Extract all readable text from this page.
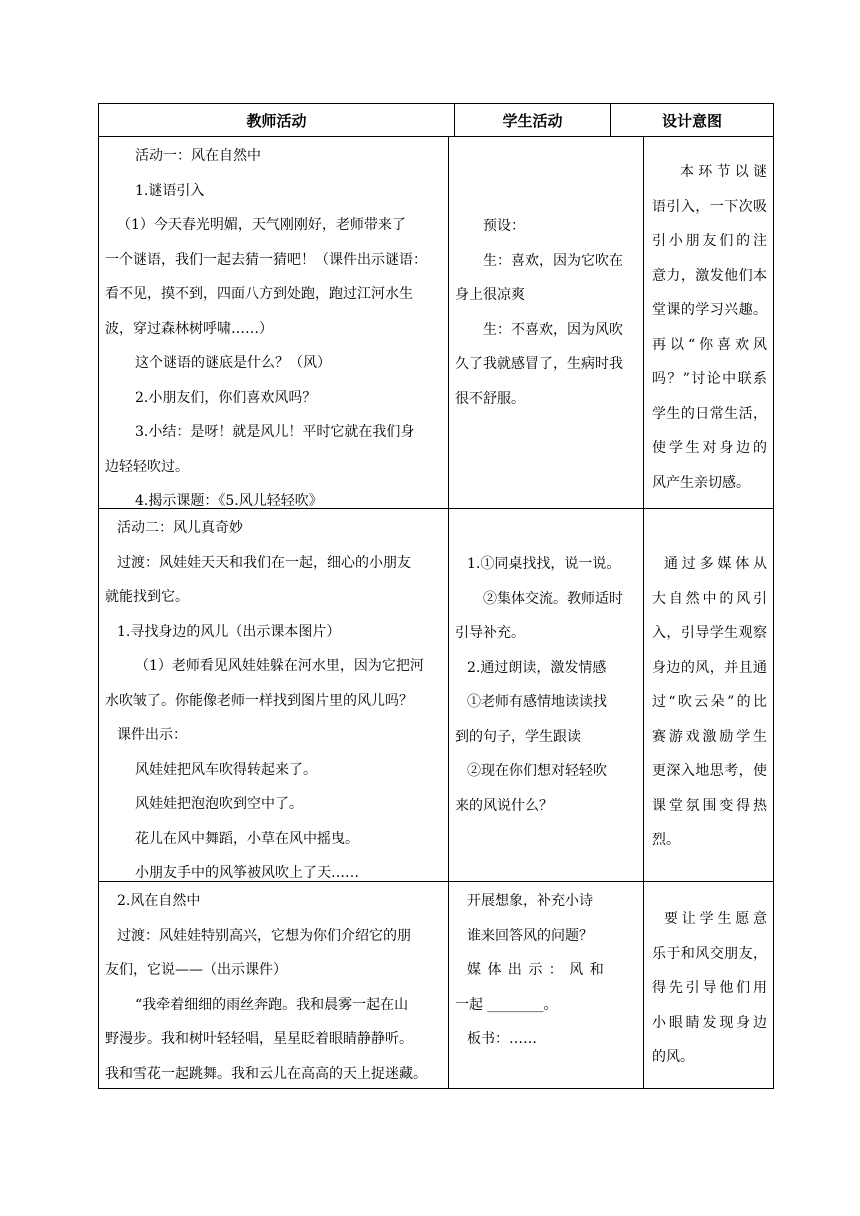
教师活动	学生活动	设计意图

活动一：风在自然中

1.谜语引入

（1）今天春光明媚，天气刚刚好，老师带来了

一个谜语，我们一起去猜一猜吧！（课件出示谜语：

看不见，摸不到，四面八方到处跑，跑过江河水生

波，穿过森林树呼啸……）

这个谜语的谜底是什么？（风）

2.小朋友们，你们喜欢风吗？

3.小结：是呀！就是风儿！平时它就在我们身

边轻轻吹过。

4.揭示课题：《5.风儿轻轻吹》

预设：

生：喜欢，因为它吹在

身上很凉爽

生：不喜欢，因为风吹

久了我就感冒了，生病时我

很不舒服。

本环节以谜

语引入，一下次吸

引小朋友们的注

意力，激发他们本

堂课的学习兴趣。

再以“你喜欢风

吗？”讨论中联系

学生的日常生活，

使学生对身边的

风产生亲切感。

活动二：风儿真奇妙

过渡：风娃娃天天和我们在一起，细心的小朋友

就能找到它。

1.寻找身边的风儿（出示课本图片）

（1）老师看见风娃娃躲在河水里，因为它把河

水吹皱了。你能像老师一样找到图片里的风儿吗？

课件出示：

风娃娃把风车吹得转起来了。

风娃娃把泡泡吹到空中了。

花儿在风中舞蹈，小草在风中摇曳。

小朋友手中的风筝被风吹上了天……

1.①同桌找找，说一说。

②集体交流。教师适时

引导补充。

2.通过朗读，激发情感

①老师有感情地读读找

到的句子，学生跟读

②现在你们想对轻轻吹

来的风说什么？

通过多媒体从

大自然中的风引

入，引导学生观察

身边的风，并且通

过“吹云朵”的比

赛游戏激励学生

更深入地思考，使

课堂氛围变得热

烈。

2.风在自然中

过渡：风娃娃特别高兴，它想为你们介绍它的朋

友们，它说——（出示课件）

“我牵着细细的雨丝奔跑。我和晨雾一起在山

野漫步。我和树叶轻轻唱，星星眨着眼睛静静听。

我和雪花一起跳舞。我和云儿在高高的天上捉迷藏。

开展想象，补充小诗

谁来回答风的问题？

媒 体 出 示 ： 风 和

一起 ________。

板书：……

要让学生愿意

乐于和风交朋友，

得先引导他们用

小眼睛发现身边

的风。
